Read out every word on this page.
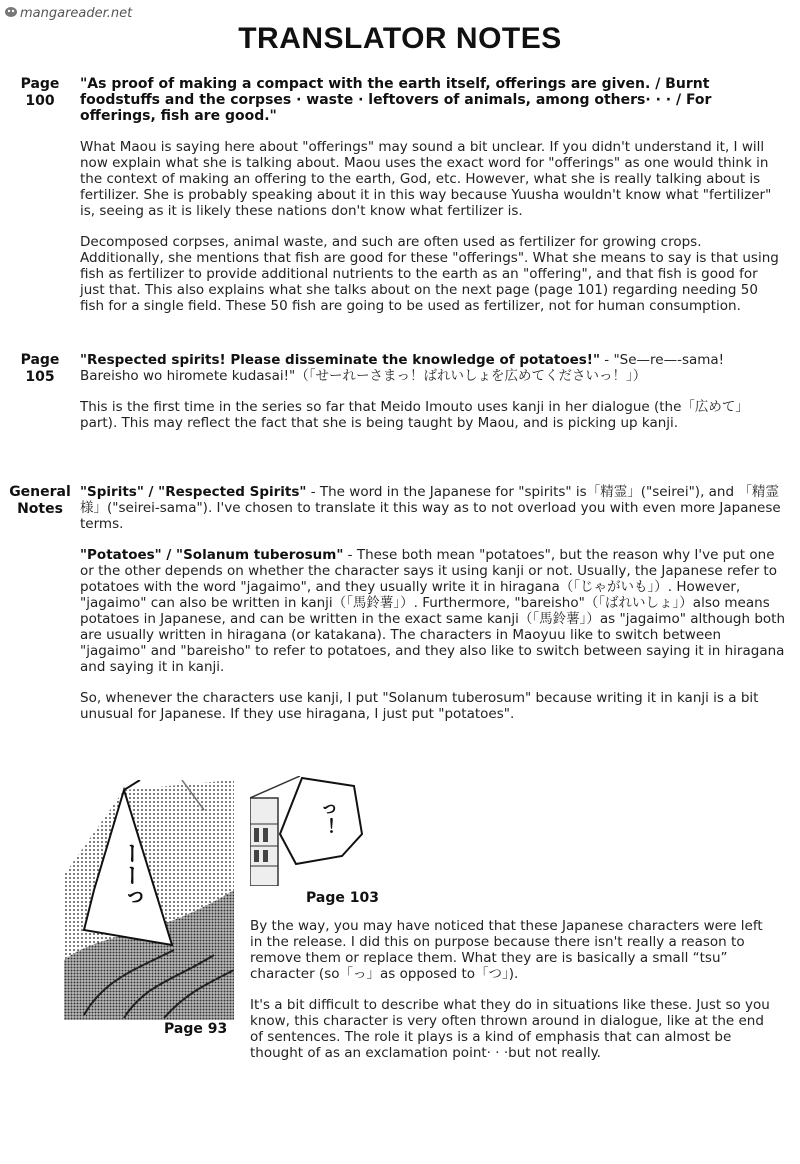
mangareader.net
TRANSLATOR NOTES
Page
100

"As proof of making a compact with the earth itself, offerings are given. / Burnt foodstuffs and the corpses · waste · leftovers of animals, among others· · · / For offerings, fish are good."

What Maou is saying here about "offerings" may sound a bit unclear. If you didn't understand it, I will now explain what she is talking about. Maou uses the exact word for "offerings" as one would think in the context of making an offering to the earth, God, etc. However, what she is really talking about is fertilizer. She is probably speaking about it in this way because Yuusha wouldn't know what "fertilizer" is, seeing as it is likely these nations don't know what fertilizer is.

Decomposed corpses, animal waste, and such are often used as fertilizer for growing crops. Additionally, she mentions that fish are good for these "offerings". What she means to say is that using fish as fertilizer to provide additional nutrients to the earth as an "offering", and that fish is good for just that. This also explains what she talks about on the next page (page 101) regarding needing 50 fish for a single field. These 50 fish are going to be used as fertilizer, not for human consumption.

Page
105

"Respected spirits! Please disseminate the knowledge of potatoes!" - "Se—re—-sama! Bareisho wo hiromete kudasai!"（「せーれーさまっ！ばれいしょを広めてくださいっ！」）

This is the first time in the series so far that Meido Imouto uses kanji in her dialogue (the「広めて」part). This may reflect the fact that she is being taught by Maou, and is picking up kanji.

General
Notes

"Spirits" / "Respected Spirits" - The word in the Japanese for "spirits" is「精霊」("seirei"), and 「精霊様」("seirei-sama"). I've chosen to translate it this way as to not overload you with even more Japanese terms.

"Potatoes" / "Solanum tuberosum" - These both mean "potatoes", but the reason why I've put one or the other depends on whether the character says it using kanji or not. Usually, the Japanese refer to potatoes with the word "jagaimo", and they usually write it in hiragana（「じゃがいも」）. However, "jagaimo" can also be written in kanji（「馬鈴薯」）. Furthermore, "bareisho"（「ばれいしょ」）also means potatoes in Japanese, and can be written in the exact same kanji（「馬鈴薯」）as "jagaimo" although both are usually written in hiragana (or katakana). The characters in Maoyuu like to switch between "jagaimo" and "bareisho" to refer to potatoes, and they also like to switch between saying it in hiragana and saying it in kanji.

So, whenever the characters use kanji, I put "Solanum tuberosum" because writing it in kanji is a bit unusual for Japanese. If they use hiragana, I just put "potatoes".

ーーっ
Page 93
っ！
Page 103

By the way, you may have noticed that these Japanese characters were left in the release. I did this on purpose because there isn't really a reason to remove them or replace them. What they are is basically a small “tsu” character (so「っ」as opposed to「つ」).

It's a bit difficult to describe what they do in situations like these. Just so you know, this character is very often thrown around in dialogue, like at the end of sentences. The role it plays is a kind of emphasis that can almost be thought of as an exclamation point· · ·but not really.
